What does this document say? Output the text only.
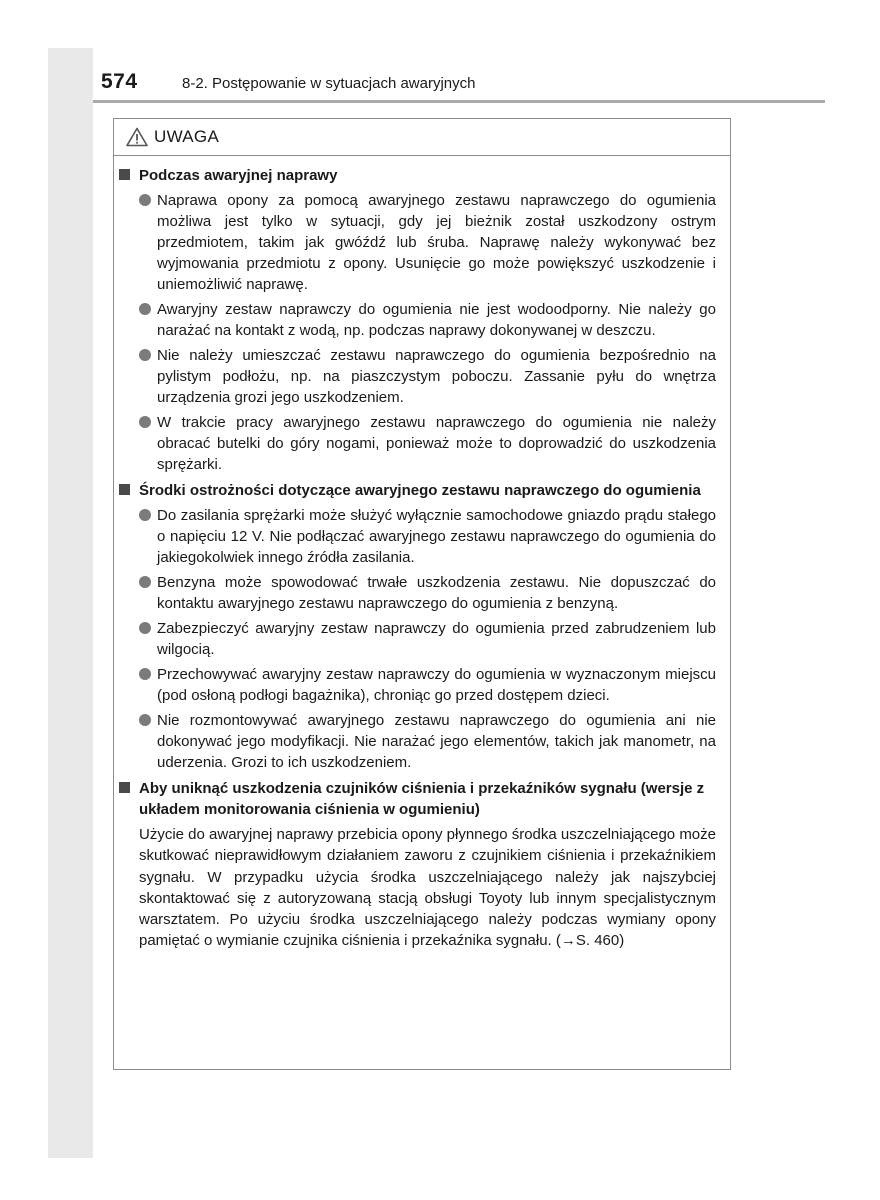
574	8-2. Postępowanie w sytuacjach awaryjnych
UWAGA
Podczas awaryjnej naprawy
Naprawa opony za pomocą awaryjnego zestawu naprawczego do ogumienia możliwa jest tylko w sytuacji, gdy jej bieżnik został uszkodzony ostrym przedmiotem, takim jak gwóźdź lub śruba. Naprawę należy wykonywać bez wyjmowania przedmiotu z opony. Usunięcie go może powiększyć uszkodzenie i uniemożliwić naprawę.
Awaryjny zestaw naprawczy do ogumienia nie jest wodoodporny. Nie należy go narażać na kontakt z wodą, np. podczas naprawy dokonywanej w deszczu.
Nie należy umieszczać zestawu naprawczego do ogumienia bezpośrednio na pylistym podłożu, np. na piaszczystym poboczu. Zassanie pyłu do wnętrza urządzenia grozi jego uszkodzeniem.
W trakcie pracy awaryjnego zestawu naprawczego do ogumienia nie należy obracać butelki do góry nogami, ponieważ może to doprowadzić do uszkodzenia sprężarki.
Środki ostrożności dotyczące awaryjnego zestawu naprawczego do ogumienia
Do zasilania sprężarki może służyć wyłącznie samochodowe gniazdo prądu stałego o napięciu 12 V. Nie podłączać awaryjnego zestawu naprawczego do ogumienia do jakiegokolwiek innego źródła zasilania.
Benzyna może spowodować trwałe uszkodzenia zestawu. Nie dopuszczać do kontaktu awaryjnego zestawu naprawczego do ogumienia z benzyną.
Zabezpieczyć awaryjny zestaw naprawczy do ogumienia przed zabrudzeniem lub wilgocią.
Przechowywać awaryjny zestaw naprawczy do ogumienia w wyznaczonym miejscu (pod osłoną podłogi bagażnika), chroniąc go przed dostępem dzieci.
Nie rozmontowywać awaryjnego zestawu naprawczego do ogumienia ani nie dokonywać jego modyfikacji. Nie narażać jego elementów, takich jak manometr, na uderzenia. Grozi to ich uszkodzeniem.
Aby uniknąć uszkodzenia czujników ciśnienia i przekaźników sygnału (wersje z układem monitorowania ciśnienia w ogumieniu)
Użycie do awaryjnej naprawy przebicia opony płynnego środka uszczelniającego może skutkować nieprawidłowym działaniem zaworu z czujnikiem ciśnienia i przekaźnikiem sygnału. W przypadku użycia środka uszczelniającego należy jak najszybciej skontaktować się z autoryzowaną stacją obsługi Toyoty lub innym specjalistycznym warsztatem. Po użyciu środka uszczelniającego należy podczas wymiany opony pamiętać o wymianie czujnika ciśnienia i przekaźnika sygnału. (→S. 460)
